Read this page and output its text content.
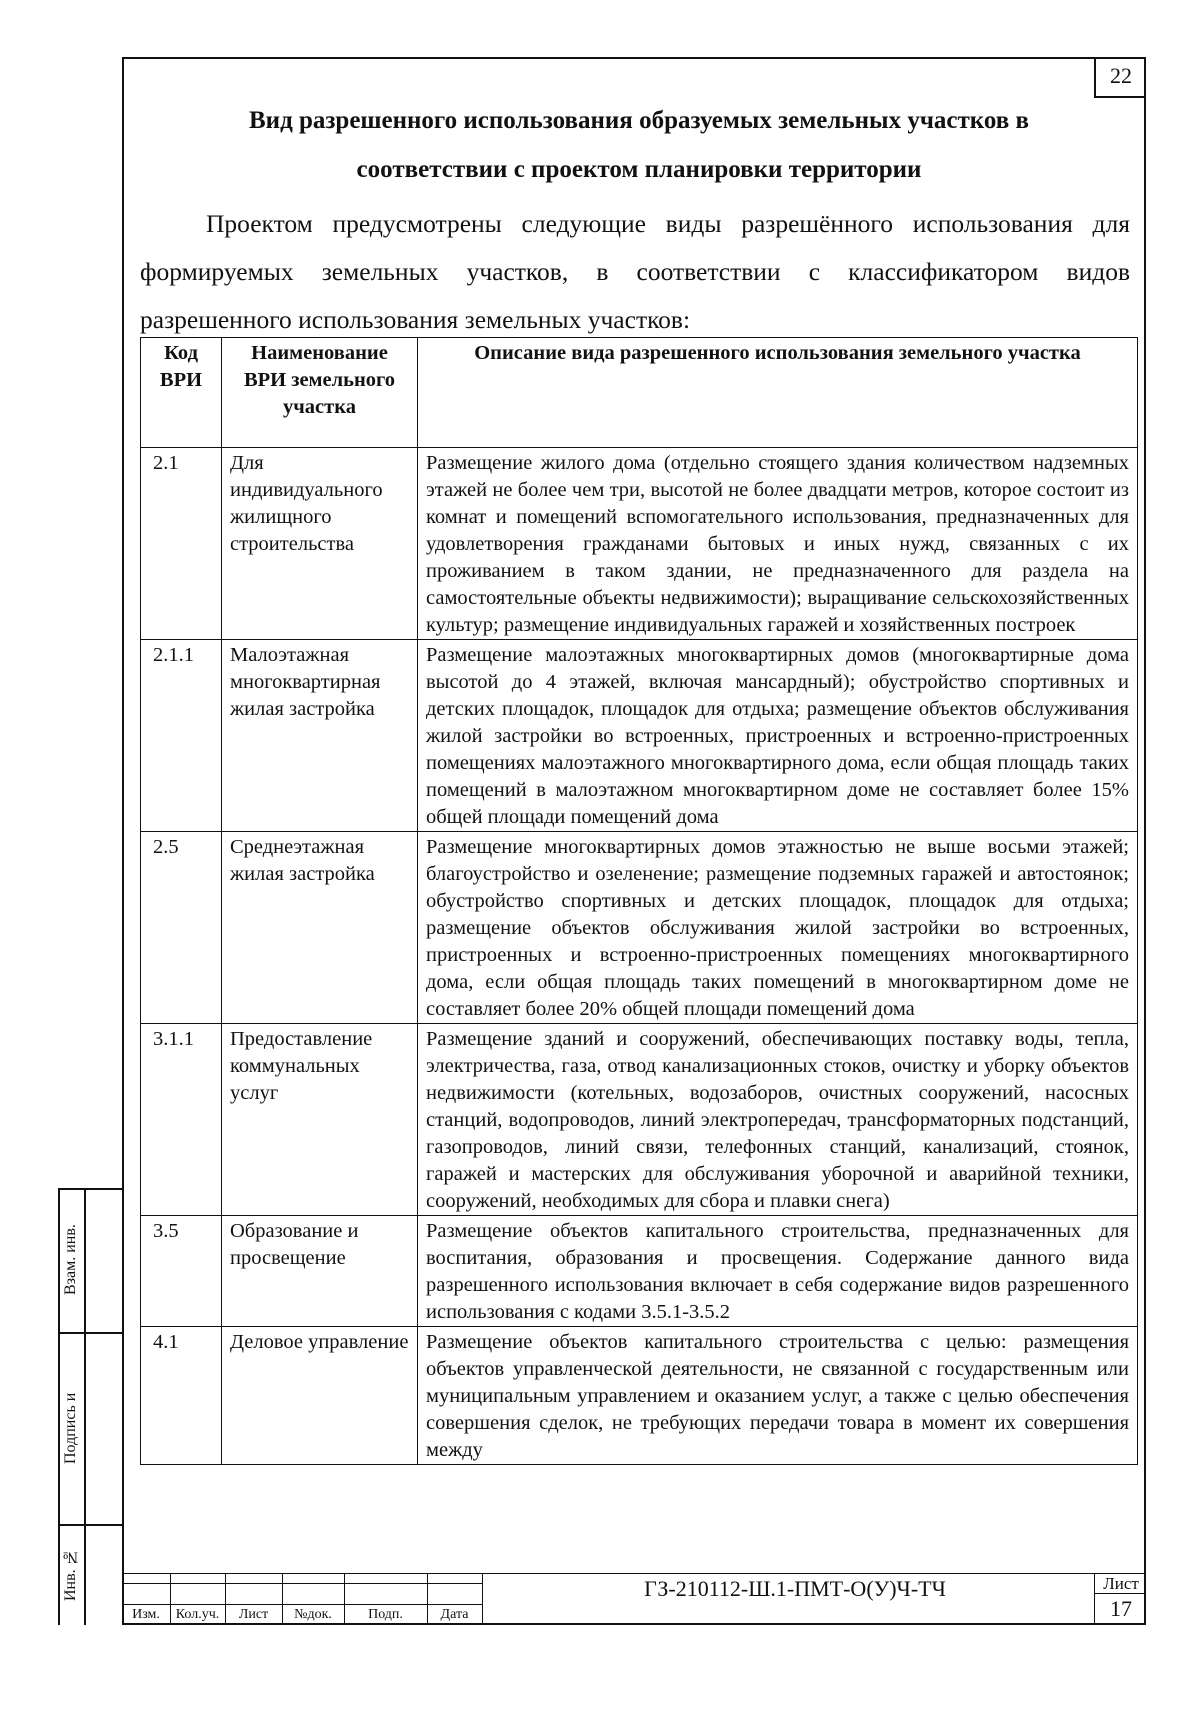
22
Вид разрешенного использования образуемых земельных участков в
соответствии с проектом планировки территории

Проектом предусмотрены следующие виды разрешённого использования для формируемых земельных участков, в соответствии с классификатором видов разрешенного использования земельных участков:

Код ВРИ	Наименование ВРИ земельного участка	Описание вида разрешенного использования земельного участка
2.1	Для индивидуального жилищного строительства	Размещение жилого дома (отдельно стоящего здания количеством надземных этажей не более чем три, высотой не более двадцати метров, которое состоит из комнат и помещений вспомогательного использования, предназначенных для удовлетворения гражданами бытовых и иных нужд, связанных с их проживанием в таком здании, не предназначенного для раздела на самостоятельные объекты недвижимости); выращивание сельскохозяйственных культур; размещение индивидуальных гаражей и хозяйственных построек
2.1.1	Малоэтажная многоквартирная жилая застройка	Размещение малоэтажных многоквартирных домов (многоквартирные дома высотой до 4 этажей, включая мансардный); обустройство спортивных и детских площадок, площадок для отдыха; размещение объектов обслуживания жилой застройки во встроенных, пристроенных и встроенно-пристроенных помещениях малоэтажного многоквартирного дома, если общая площадь таких помещений в малоэтажном многоквартирном доме не составляет более 15% общей площади помещений дома
2.5	Среднеэтажная жилая застройка	Размещение многоквартирных домов этажностью не выше восьми этажей; благоустройство и озеленение; размещение подземных гаражей и автостоянок; обустройство спортивных и детских площадок, площадок для отдыха; размещение объектов обслуживания жилой застройки во встроенных, пристроенных и встроенно-пристроенных помещениях многоквартирного дома, если общая площадь таких помещений в многоквартирном доме не составляет более 20% общей площади помещений дома
3.1.1	Предоставление коммунальных услуг	Размещение зданий и сооружений, обеспечивающих поставку воды, тепла, электричества, газа, отвод канализационных стоков, очистку и уборку объектов недвижимости (котельных, водозаборов, очистных сооружений, насосных станций, водопроводов, линий электропередач, трансформаторных подстанций, газопроводов, линий связи, телефонных станций, канализаций, стоянок, гаражей и мастерских для обслуживания уборочной и аварийной техники, сооружений, необходимых для сбора и плавки снега)
3.5	Образование и просвещение	Размещение объектов капитального строительства, предназначенных для воспитания, образования и просвещения. Содержание данного вида разрешенного использования включает в себя содержание видов разрешенного использования с кодами 3.5.1-3.5.2
4.1	Деловое управление	Размещение объектов капитального строительства с целью: размещения объектов управленческой деятельности, не связанной с государственным или муниципальным управлением и оказанием услуг, а также с целью обеспечения совершения сделок, не требующих передачи товара в момент их совершения между
Взам. инв.
Подпись и
Инв. №
Изм.	Кол.уч.	Лист	№док.	Подп.	Дата
ГЗ-210112-Ш.1-ПМТ-О(У)Ч-ТЧ	Лист
17
